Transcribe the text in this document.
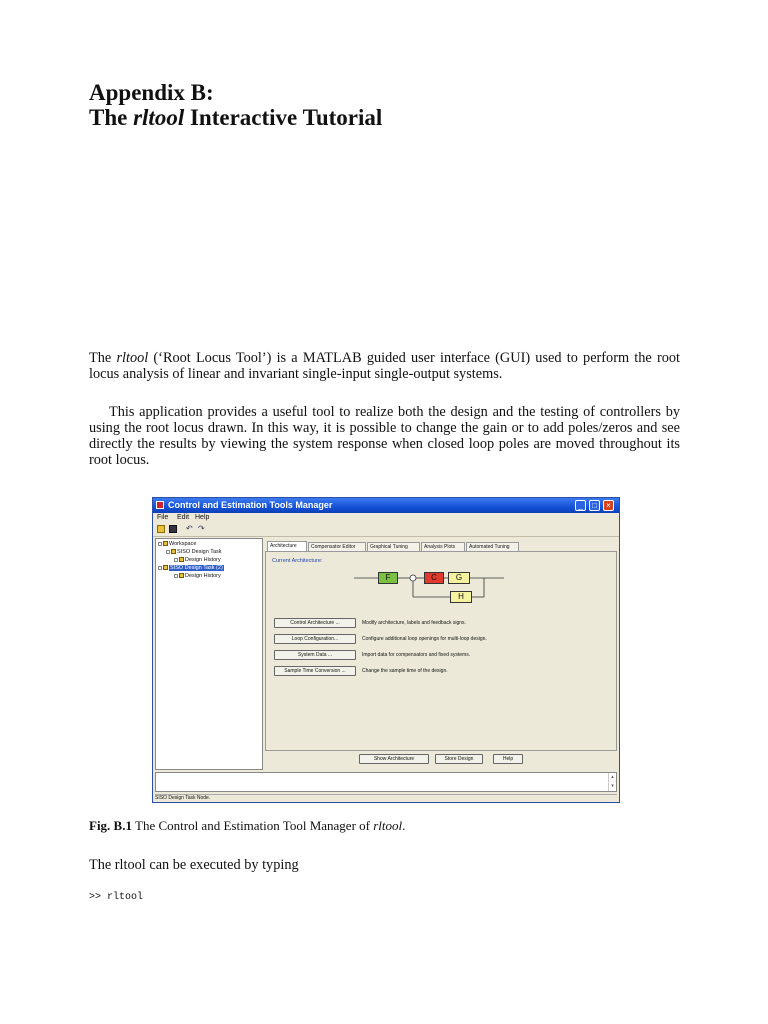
Appendix B:
The rltool Interactive Tutorial
The rltool (‘Root Locus Tool’) is a MATLAB guided user interface (GUI) used to perform the root locus analysis of linear and invariant single-input single-output systems.
This application provides a useful tool to realize both the design and the testing of controllers by using the root locus drawn. In this way, it is possible to change the gain or to add poles/zeros and see directly the results by viewing the system response when closed loop poles are moved throughout its root locus.
Control and Estimation Tools Manager	_	□	×
File Edit Help
↶ ↷
Workspace
SISO Design Task
Design History
SISO Design Task (2)
Design History
Architecture	Compensator Editor	Graphical Tuning	Analysis Plots	Automated Tuning
Current Architecture:
F	C	G
H
Control Architecture ...	Modify architecture, labels and feedback signs.
Loop Configuration...	Configure additional loop openings for multi-loop design.
System Data ...	Import data for compensators and fixed systems.
Sample Time Conversion ...	Change the sample time of the design.
Show Architecture	Store Design	Help
▴
▾
SISO Design Task Node.
Fig. B.1 The Control and Estimation Tool Manager of rltool.
The rltool can be executed by typing
>> rltool
